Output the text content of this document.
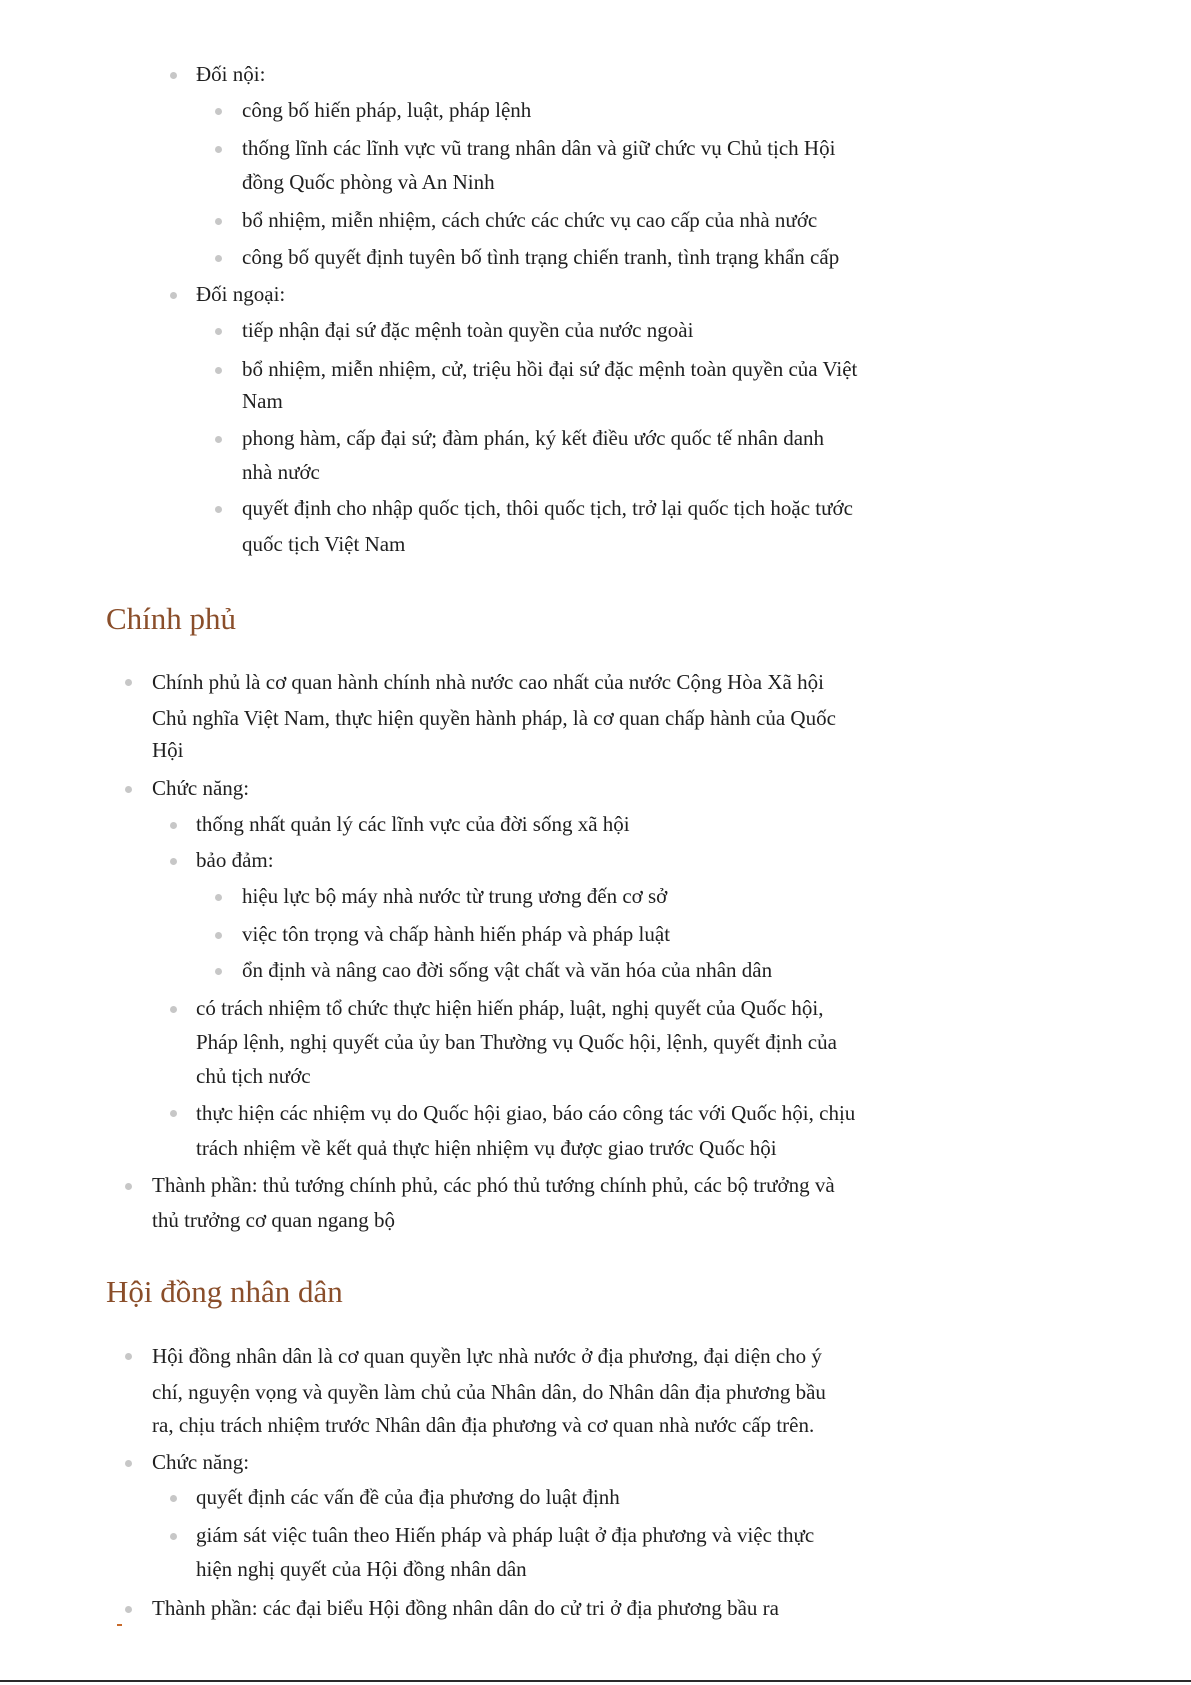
Đối nội:
công bố hiến pháp, luật, pháp lệnh
thống lĩnh các lĩnh vực vũ trang nhân dân và giữ chức vụ Chủ tịch Hội
đồng Quốc phòng và An Ninh
bổ nhiệm, miễn nhiệm, cách chức các chức vụ cao cấp của nhà nước
công bố quyết định tuyên bố tình trạng chiến tranh, tình trạng khẩn cấp
Đối ngoại:
tiếp nhận đại sứ đặc mệnh toàn quyền của nước ngoài
bổ nhiệm, miễn nhiệm, cử, triệu hồi đại sứ đặc mệnh toàn quyền của Việt
Nam
phong hàm, cấp đại sứ; đàm phán, ký kết điều ước quốc tế nhân danh
nhà nước
quyết định cho nhập quốc tịch, thôi quốc tịch, trở lại quốc tịch hoặc tước
quốc tịch Việt Nam
Chính phủ
Chính phủ là cơ quan hành chính nhà nước cao nhất của nước Cộng Hòa Xã hội
Chủ nghĩa Việt Nam, thực hiện quyền hành pháp, là cơ quan chấp hành của Quốc
Hội
Chức năng:
thống nhất quản lý các lĩnh vực của đời sống xã hội
bảo đảm:
hiệu lực bộ máy nhà nước từ trung ương đến cơ sở
việc tôn trọng và chấp hành hiến pháp và pháp luật
ổn định và nâng cao đời sống vật chất và văn hóa của nhân dân
có trách nhiệm tổ chức thực hiện hiến pháp, luật, nghị quyết của Quốc hội,
Pháp lệnh, nghị quyết của ủy ban Thường vụ Quốc hội, lệnh, quyết định của
chủ tịch nước
thực hiện các nhiệm vụ do Quốc hội giao, báo cáo công tác với Quốc hội, chịu
trách nhiệm về kết quả thực hiện nhiệm vụ được giao trước Quốc hội
Thành phần: thủ tướng chính phủ, các phó thủ tướng chính phủ, các bộ trưởng và
thủ trưởng cơ quan ngang bộ
Hội đồng nhân dân
Hội đồng nhân dân là cơ quan quyền lực nhà nước ở địa phương, đại diện cho ý
chí, nguyện vọng và quyền làm chủ của Nhân dân, do Nhân dân địa phương bầu
ra, chịu trách nhiệm trước Nhân dân địa phương và cơ quan nhà nước cấp trên.
Chức năng:
quyết định các vấn đề của địa phương do luật định
giám sát việc tuân theo Hiến pháp và pháp luật ở địa phương và việc thực
hiện nghị quyết của Hội đồng nhân dân
Thành phần: các đại biểu Hội đồng nhân dân do cử tri ở địa phương bầu ra
